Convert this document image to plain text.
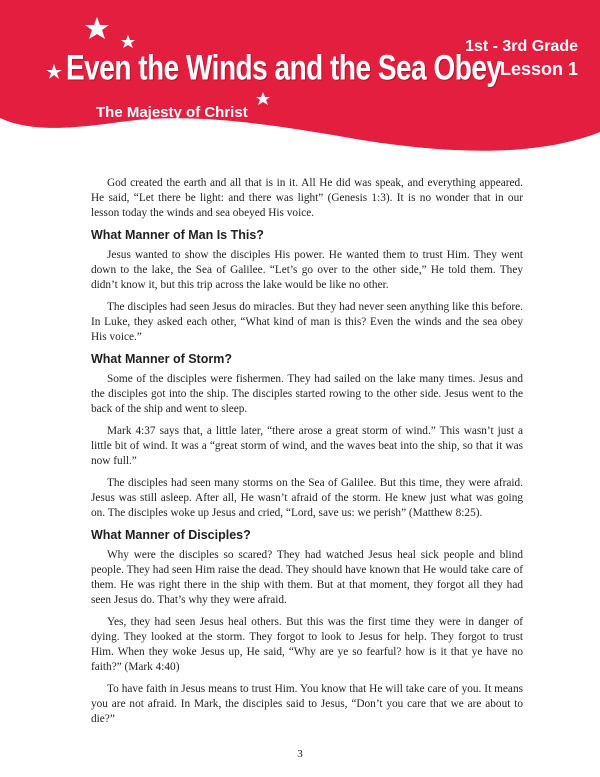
Even the Winds and the Sea Obey
The Majesty of Christ
1st - 3rd Grade
Lesson 1

God created the earth and all that is in it. All He did was speak, and everything appeared. He said, “Let there be light: and there was light” (Genesis 1:3). It is no wonder that in our lesson today the winds and sea obeyed His voice.

What Manner of Man Is This?

Jesus wanted to show the disciples His power. He wanted them to trust Him. They went down to the lake, the Sea of Galilee. “Let’s go over to the other side,” He told them. They didn’t know it, but this trip across the lake would be like no other.

The disciples had seen Jesus do miracles. But they had never seen anything like this before. In Luke, they asked each other, “What kind of man is this? Even the winds and the sea obey His voice.”

What Manner of Storm?

Some of the disciples were fishermen. They had sailed on the lake many times. Jesus and the disciples got into the ship. The disciples started rowing to the other side. Jesus went to the back of the ship and went to sleep.

Mark 4:37 says that, a little later, “there arose a great storm of wind.” This wasn’t just a little bit of wind. It was a “great storm of wind, and the waves beat into the ship, so that it was now full.”

The disciples had seen many storms on the Sea of Galilee. But this time, they were afraid. Jesus was still asleep. After all, He wasn’t afraid of the storm. He knew just what was going on. The disciples woke up Jesus and cried, “Lord, save us: we perish” (Matthew 8:25).

What Manner of Disciples?

Why were the disciples so scared? They had watched Jesus heal sick people and blind people. They had seen Him raise the dead. They should have known that He would take care of them. He was right there in the ship with them. But at that moment, they forgot all they had seen Jesus do. That’s why they were afraid.

Yes, they had seen Jesus heal others. But this was the first time they were in danger of dying. They looked at the storm. They forgot to look to Jesus for help. They forgot to trust Him. When they woke Jesus up, He said, “Why are ye so fearful? how is it that ye have no faith?” (Mark 4:40)

To have faith in Jesus means to trust Him. You know that He will take care of you. It means you are not afraid. In Mark, the disciples said to Jesus, “Don’t you care that we are about to die?”

3
